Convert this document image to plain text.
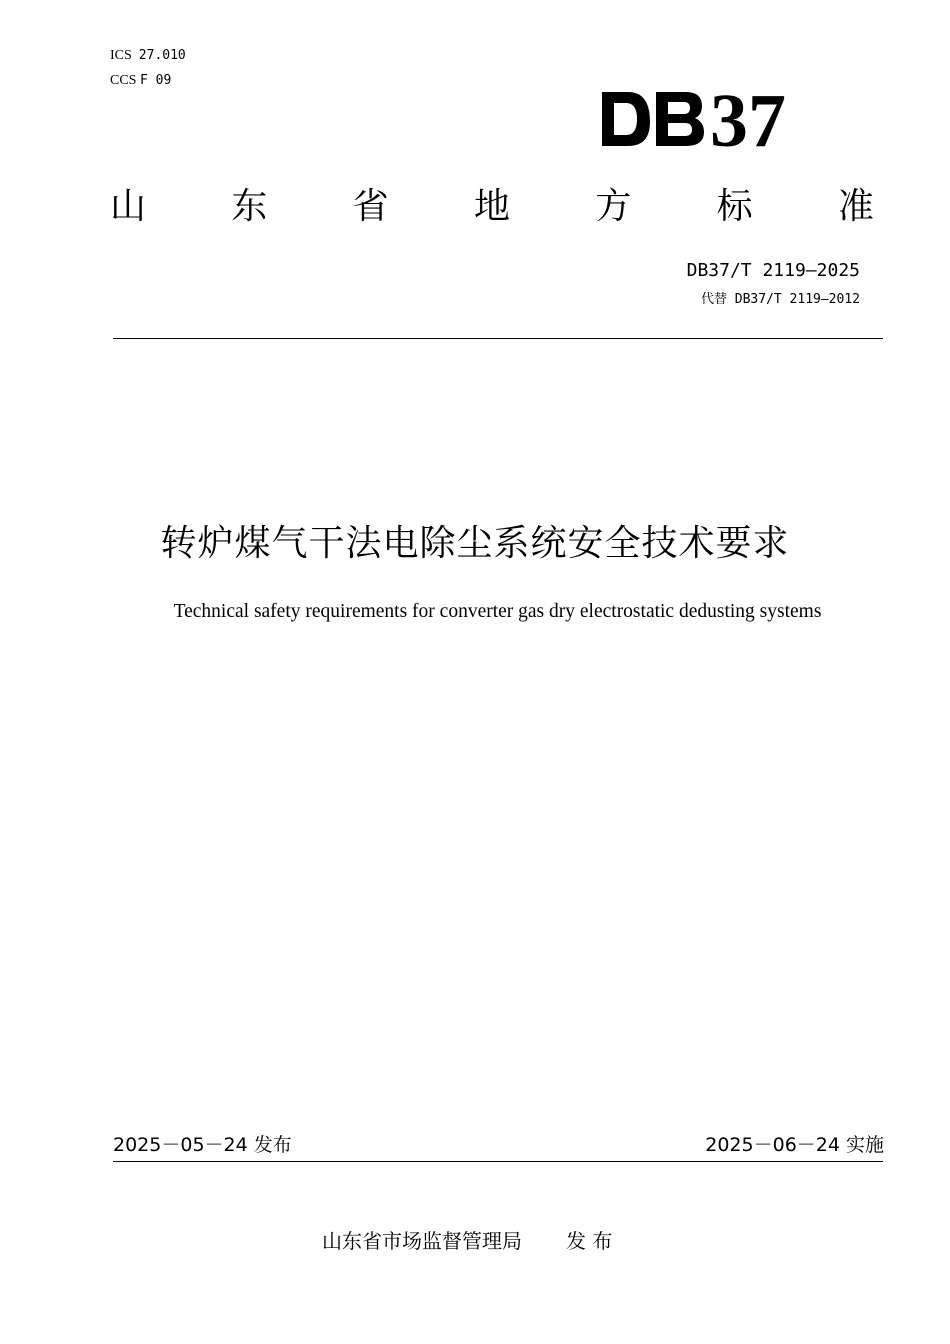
ICS 27.010
CCS F 09	37
山 东 省 地 方 标 准
DB37/T 2119—2025
代替 DB37/T 2119—2012
转炉煤气干法电除尘系统安全技术要求
Technical safety requirements for converter gas dry electrostatic dedusting systems
2025－05－24 发布	2025－06－24 实施
山东省市场监督管理局 发 布
